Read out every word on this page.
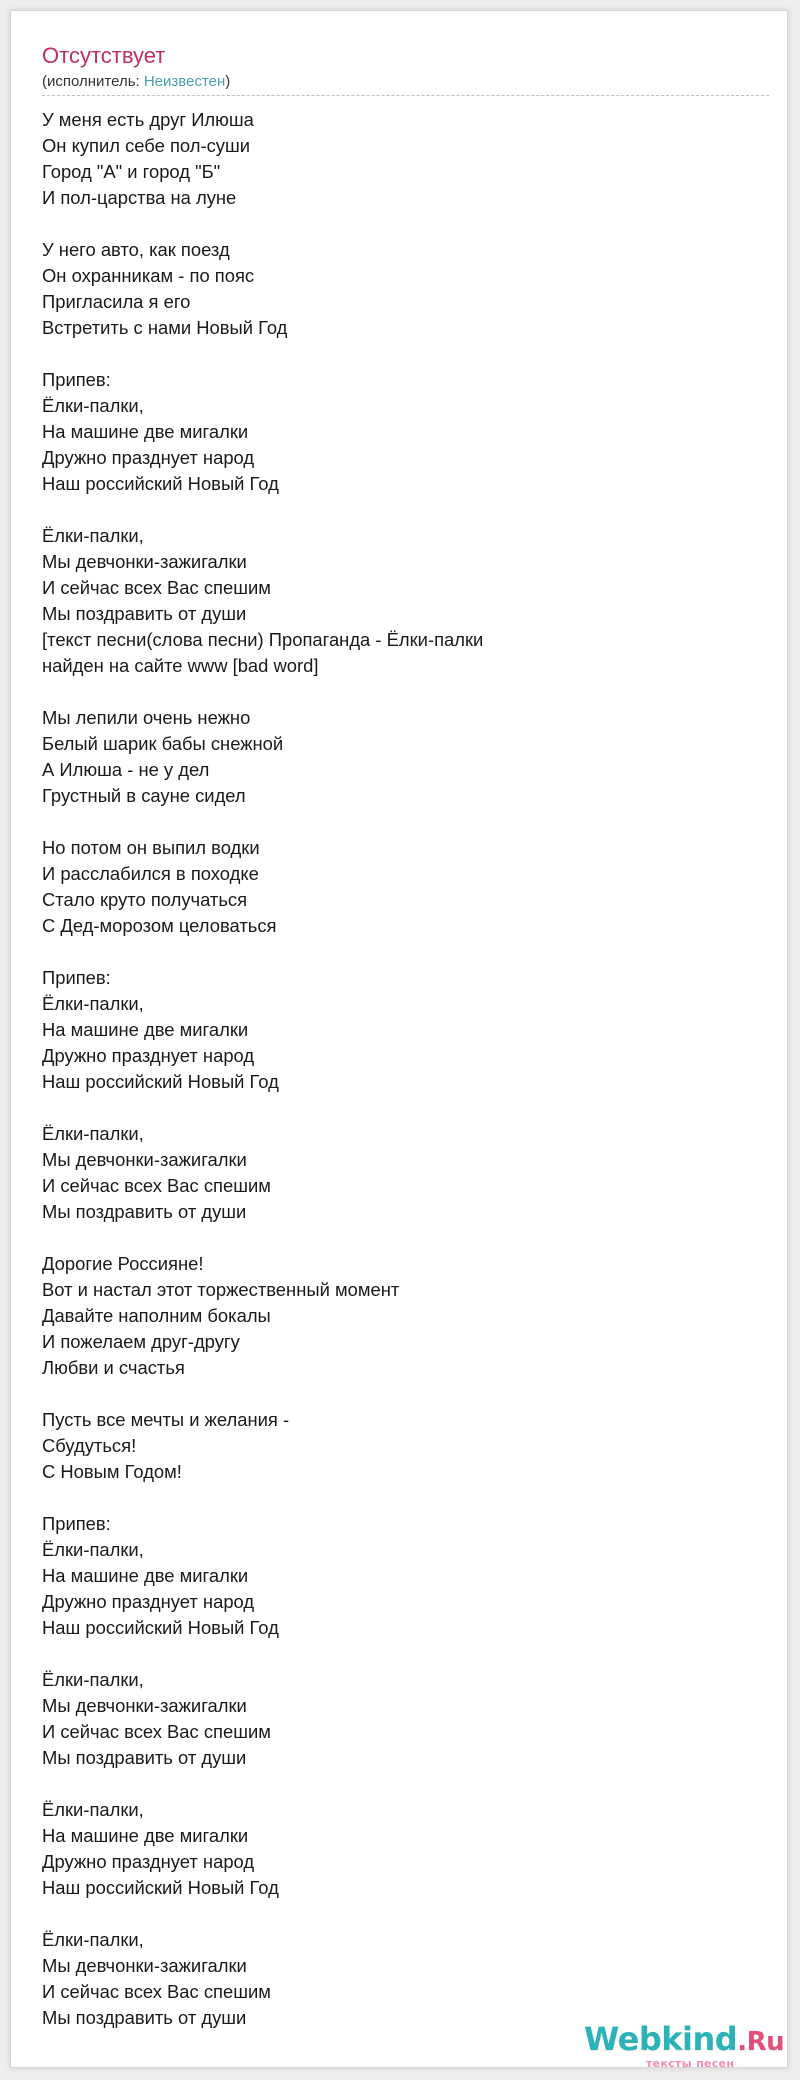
Отсутствует
(исполнитель: Неизвестен)
У меня есть друг Илюша
Он купил себе пол-суши
Город "А" и город "Б"
И пол-царства на луне
У него авто, как поезд
Он охранникам - по пояс
Пригласила я его
Встретить с нами Новый Год
Припев:
Ёлки-палки,
На машине две мигалки
Дружно празднует народ
Наш российский Новый Год
Ёлки-палки,
Мы девчонки-зажигалки
И сейчас всех Вас спешим
Мы поздравить от души
[текст песни(слова песни) Пропаганда - Ёлки-палки
найден на сайте www [bad word]
Мы лепили очень нежно
Белый шарик бабы снежной
А Илюша - не у дел
Грустный в сауне сидел
Но потом он выпил водки
И расслабился в походке
Стало круто получаться
С Дед-морозом целоваться
Припев:
Ёлки-палки,
На машине две мигалки
Дружно празднует народ
Наш российский Новый Год
Ёлки-палки,
Мы девчонки-зажигалки
И сейчас всех Вас спешим
Мы поздравить от души
Дорогие Россияне!
Вот и настал этот торжественный момент
Давайте наполним бокалы
И пожелаем друг-другу
Любви и счастья
Пусть все мечты и желания -
Сбудуться!
С Новым Годом!
Припев:
Ёлки-палки,
На машине две мигалки
Дружно празднует народ
Наш российский Новый Год
Ёлки-палки,
Мы девчонки-зажигалки
И сейчас всех Вас спешим
Мы поздравить от души
Ёлки-палки,
На машине две мигалки
Дружно празднует народ
Наш российский Новый Год
Ёлки-палки,
Мы девчонки-зажигалки
И сейчас всех Вас спешим
Мы поздравить от души
Webkind.Ru
тексты песен
